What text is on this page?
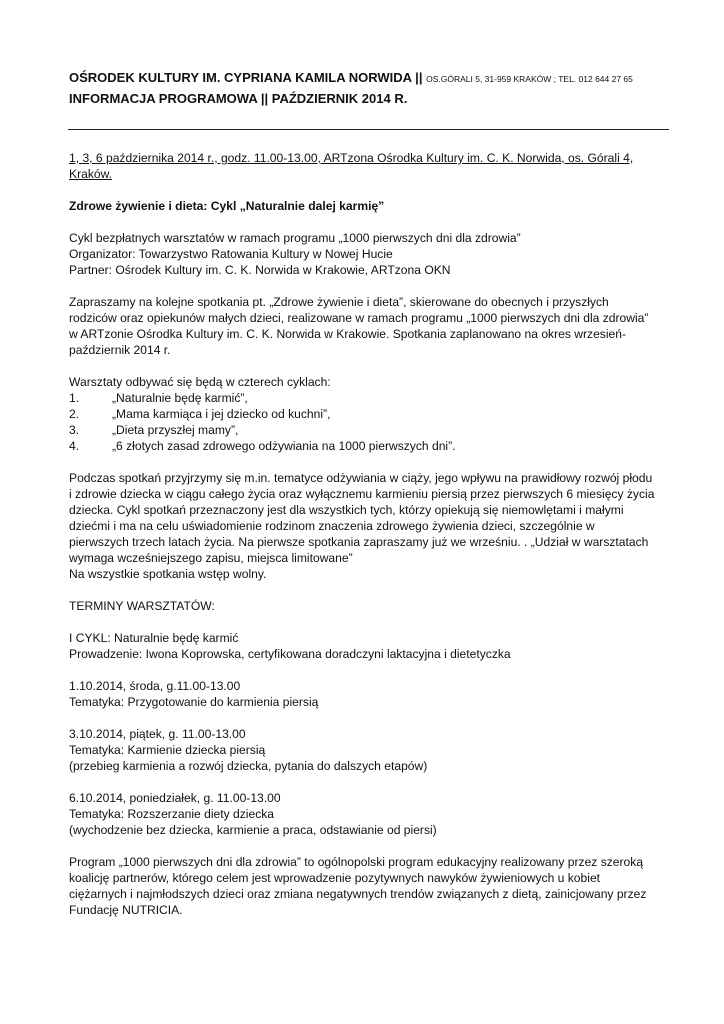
OŚRODEK KULTURY IM. CYPRIANA KAMILA NORWIDA || OS.GÓRALI 5, 31-959 KRAKÓW ; TEL. 012 644 27 65
INFORMACJA PROGRAMOWA || PAŹDZIERNIK 2014 R.

1, 3, 6 października 2014 r., godz. 11.00-13.00, ARTzona Ośrodka Kultury im. C. K. Norwida, os. Górali 4, Kraków.

Zdrowe żywienie i dieta: Cykl „Naturalnie dalej karmię”

Cykl bezpłatnych warsztatów w ramach programu „1000 pierwszych dni dla zdrowia”

Organizator: Towarzystwo Ratowania Kultury w Nowej Hucie

Partner: Ośrodek Kultury im. C. K. Norwida w Krakowie, ARTzona OKN

Zapraszamy na kolejne spotkania pt. „Zdrowe żywienie i dieta”, skierowane do obecnych i przyszłych rodziców oraz opiekunów małych dzieci, realizowane w ramach programu „1000 pierwszych dni dla zdrowia” w ARTzonie Ośrodka Kultury im. C. K. Norwida w Krakowie. Spotkania zaplanowano na okres wrzesień-październik 2014 r.

Warsztaty odbywać się będą w czterech cyklach:

1.	„Naturalnie będę karmić”,
2.	„Mama karmiąca i jej dziecko od kuchni”,
3.	„Dieta przyszłej mamy”,
4.	„6 złotych zasad zdrowego odżywiania na 1000 pierwszych dni”.

Podczas spotkań przyjrzymy się m.in. tematyce odżywiania w ciąży, jego wpływu na prawidłowy rozwój płodu i zdrowie dziecka w ciągu całego życia oraz wyłącznemu karmieniu piersią przez pierwszych 6 miesięcy życia dziecka. Cykl spotkań przeznaczony jest dla wszystkich tych, którzy opiekują się niemowlętami i małymi dziećmi i ma na celu uświadomienie rodzinom znaczenia zdrowego żywienia dzieci, szczególnie w pierwszych trzech latach życia. Na pierwsze spotkania zapraszamy już we wrześniu. . „Udział w warsztatach wymaga wcześniejszego zapisu, miejsca limitowane”

Na wszystkie spotkania wstęp wolny.

TERMINY WARSZTATÓW:

I CYKL: Naturalnie będę karmić

Prowadzenie: Iwona Koprowska, certyfikowana doradczyni laktacyjna i dietetyczka

1.10.2014, środa, g.11.00-13.00

Tematyka: Przygotowanie do karmienia piersią

3.10.2014, piątek, g. 11.00-13.00

Tematyka: Karmienie dziecka piersią

(przebieg karmienia a rozwój dziecka, pytania do dalszych etapów)

6.10.2014, poniedziałek, g. 11.00-13.00

Tematyka: Rozszerzanie diety dziecka

(wychodzenie bez dziecka, karmienie a praca, odstawianie od piersi)

Program „1000 pierwszych dni dla zdrowia” to ogólnopolski program edukacyjny realizowany przez szeroką koalicję partnerów, którego celem jest wprowadzenie pozytywnych nawyków żywieniowych u kobiet ciężarnych i najmłodszych dzieci oraz zmiana negatywnych trendów związanych z dietą, zainicjowany przez Fundację NUTRICIA.
